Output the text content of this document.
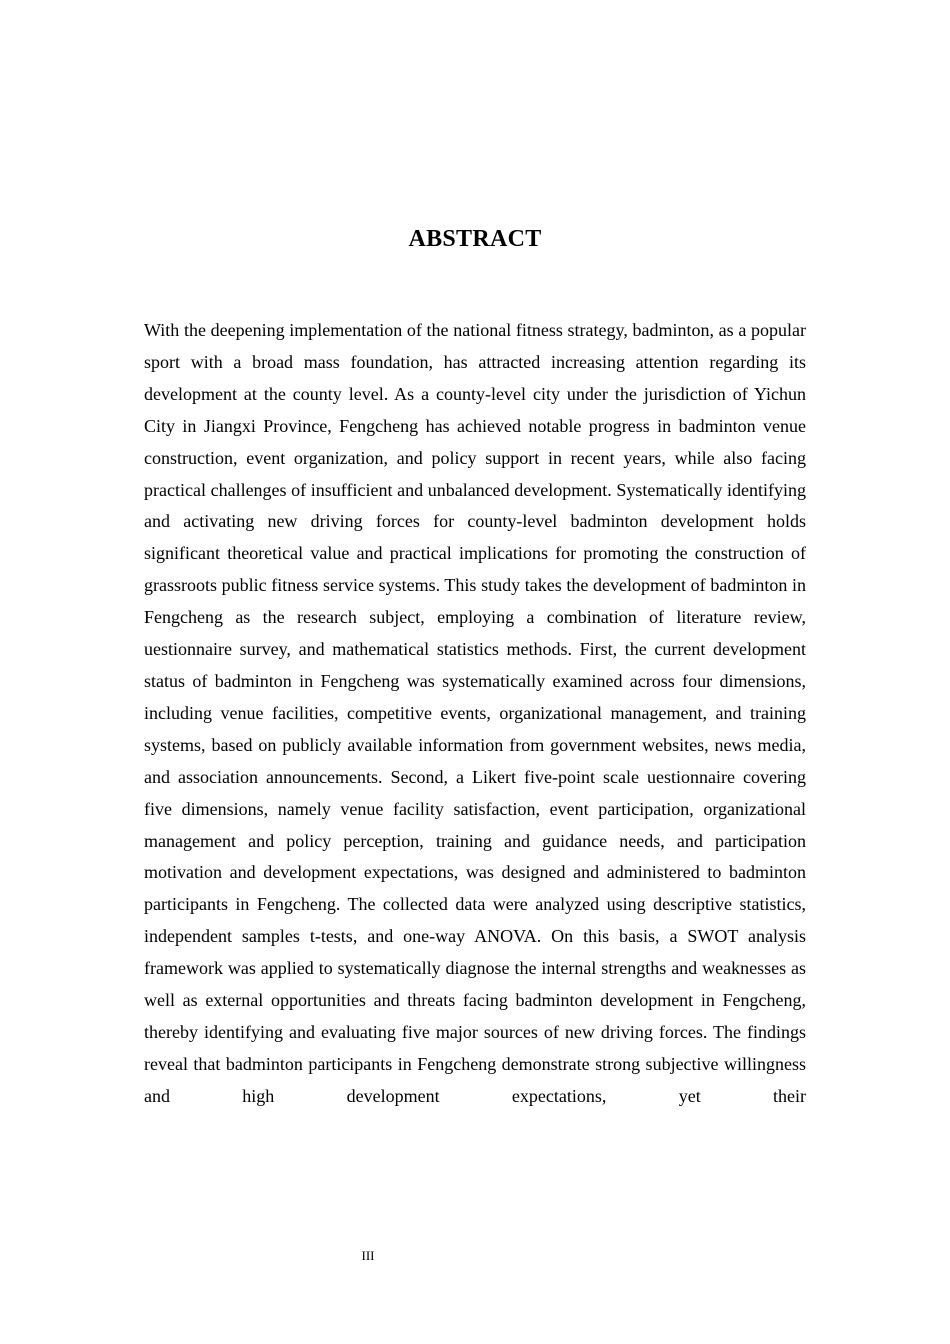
ABSTRACT

With the deepening implementation of the national fitness strategy, badminton, as a popular sport with a broad mass foundation, has attracted increasing attention regarding its development at the county level. As a county-level city under the jurisdiction of Yichun City in Jiangxi Province, Fengcheng has achieved notable progress in badminton venue construction, event organization, and policy support in recent years, while also facing practical challenges of insufficient and unbalanced development. Systematically identifying and activating new driving forces for county-level badminton development holds significant theoretical value and practical implications for promoting the construction of grassroots public fitness service systems. This study takes the development of badminton in Fengcheng as the research subject, employing a combination of literature review, uestionnaire survey, and mathematical statistics methods. First, the current development status of badminton in Fengcheng was systematically examined across four dimensions, including venue facilities, competitive events, organizational management, and training systems, based on publicly available information from government websites, news media, and association announcements. Second, a Likert five-point scale uestionnaire covering five dimensions, namely venue facility satisfaction, event participation, organizational management and policy perception, training and guidance needs, and participation motivation and development expectations, was designed and administered to badminton participants in Fengcheng. The collected data were analyzed using descriptive statistics, independent samples t-tests, and one-way ANOVA. On this basis, a SWOT analysis framework was applied to systematically diagnose the internal strengths and weaknesses as well as external opportunities and threats facing badminton development in Fengcheng, thereby identifying and evaluating five major sources of new driving forces. The findings reveal that badminton participants in Fengcheng demonstrate strong subjective willingness and high development expectations, yet their

III
